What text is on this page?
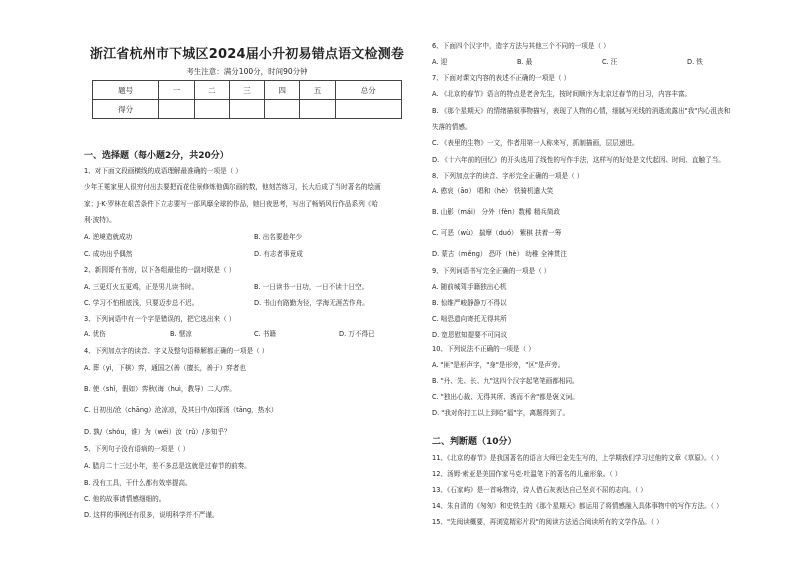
浙江省杭州市下城区2024届小升初易错点语文检测卷
考生注意：满分100分，时间90分钟
题号	一	二	三	四	五	总分
得分						
一、选择题（每小题2分，共20分）
1、对下面文段画横线的成语理解最准确的一项是（ ）
少年王冕家里人很穷付出去要把而花佳景修炼他偶尔画的数，他刻苦练习，长大后成了当时著名的绘画
家；J·K·罗林在艰苦条件下立志要写一部风靡全球的作品，她日夜思考，写出了畅销风行作品系列《哈
利·波特》。
A. 逆境造就成功	B. 出名要趁年少
C. 成功出乎偶然	D. 有志者事竟成
2、新园哥有书房，以下各组最佳的一副对联是（ ）
A. 三更灯火五更鸡，正是男儿读书时。	B. 一日读书一日功，一日不读十日空。
C. 学习不怕根底浅，只要迈步总不迟。	D. 书山有路勤为径，学海无涯苦作舟。
3、下列词语中有一个字是错误的，把它选出来（ ）
A. 优伤	B. 惬凉	C. 书籍	D. 万不得已
4、下列加点字的读音、字义及整句语释解都正确的一项是（ ）
A. 葬（yì，下棋）弈，通国之(善（擅长，善于）弈者也
B. 使（shǐ，假如）弈秋(诲（huì，教导）二人/弈。
C. 日初出/沧（chāng）沧凉凉，及其日中/如探汤（tāng，热水）
D. 孰/（shóu，谁）为（wéi）汝（rǔ）/多知乎？
5、下列句子没有语病的一项是（ ）
A. 腊月二十三过小年，差不多总是这就是过春节的前奏。
B. 没有工具，干什么都有效率提高。
C. 他的故事请情感细细的。
D. 这样的事例还有很多，说明科学并不严谨。
6、下面四个汉字中，造字方法与其他三个不同的一项是（ ）
A. 迎	B. 最	C. 汪	D. 铁
7、下面对课文内容的表述不正确的一项是（ ）
A. 《北京的春节》语言的特点是老舍先生，按时间顺序为北京过春节的日习，内容丰富。
B. 《那个星期天》的情绪描叙事物描写，表现了人物的心情，细腻写光线的消逝流露出"我"内心沮丧和
失落的情感。
C. 《表里的生物》一文，作者用第一人称来写，抓制描画，层层递进。
D. 《十六年前的回忆》的开头选用了线性的写作手法，这样写的好处是文代起因、时间、直触了当。
8、下列加点字的读音、字形完全正确的一项是（ ）
A. 憨哀（āo） 唱和（hè） 铁骑机遣大笑
B. 山影（mái） 分外（fèn）数稀 精兵简政
C. 可恶（wù） 揣摩（duó） 紫棋 扶着一筹
D. 蒙古（měng） 恐吓（hè） 幼稚 全神贯注
9、下列词语书写完全正确的一项是（ ）
A. 随前城驾手籍独出心机
B. 惊维严峻静静万不得以
C. 咄恐遗向寄托无得其所
D. 宽恩慰知提要不可同议
10、下列说法不正确的一项是（ ）
A. "匪"是形声字，"身"是形旁，"区"是声旁。
B. "丹、先、长、九"这四个汉字起笔笔画都相同。
C. "独出心裁、无得其所、诱而不舍"都是褒义词。
D. "我对你打工以上到哈"福"字，离题得到了。
二、判断题（10分）
11、《北京的春节》是我国著名的语言大师巴金先生写的，上学期我们学习过他的文章《草原》。（ ）
12、汤姆·索亚是美国作家马克·吐温笔下的著名的儿童形象。（ ）
13、《石家屿》是一首咏物诗，诗人借石灰表达自己坚贞不屈的志向。（ ）
14、朱自清的《匆匆》和史铁生的《那个星期天》都运用了将情感融入具体事物中的写作方法。（ ）
15、"先阅读概要，再浏览精彩片段"的阅读方法适合阅读所有的文学作品。（ ）
